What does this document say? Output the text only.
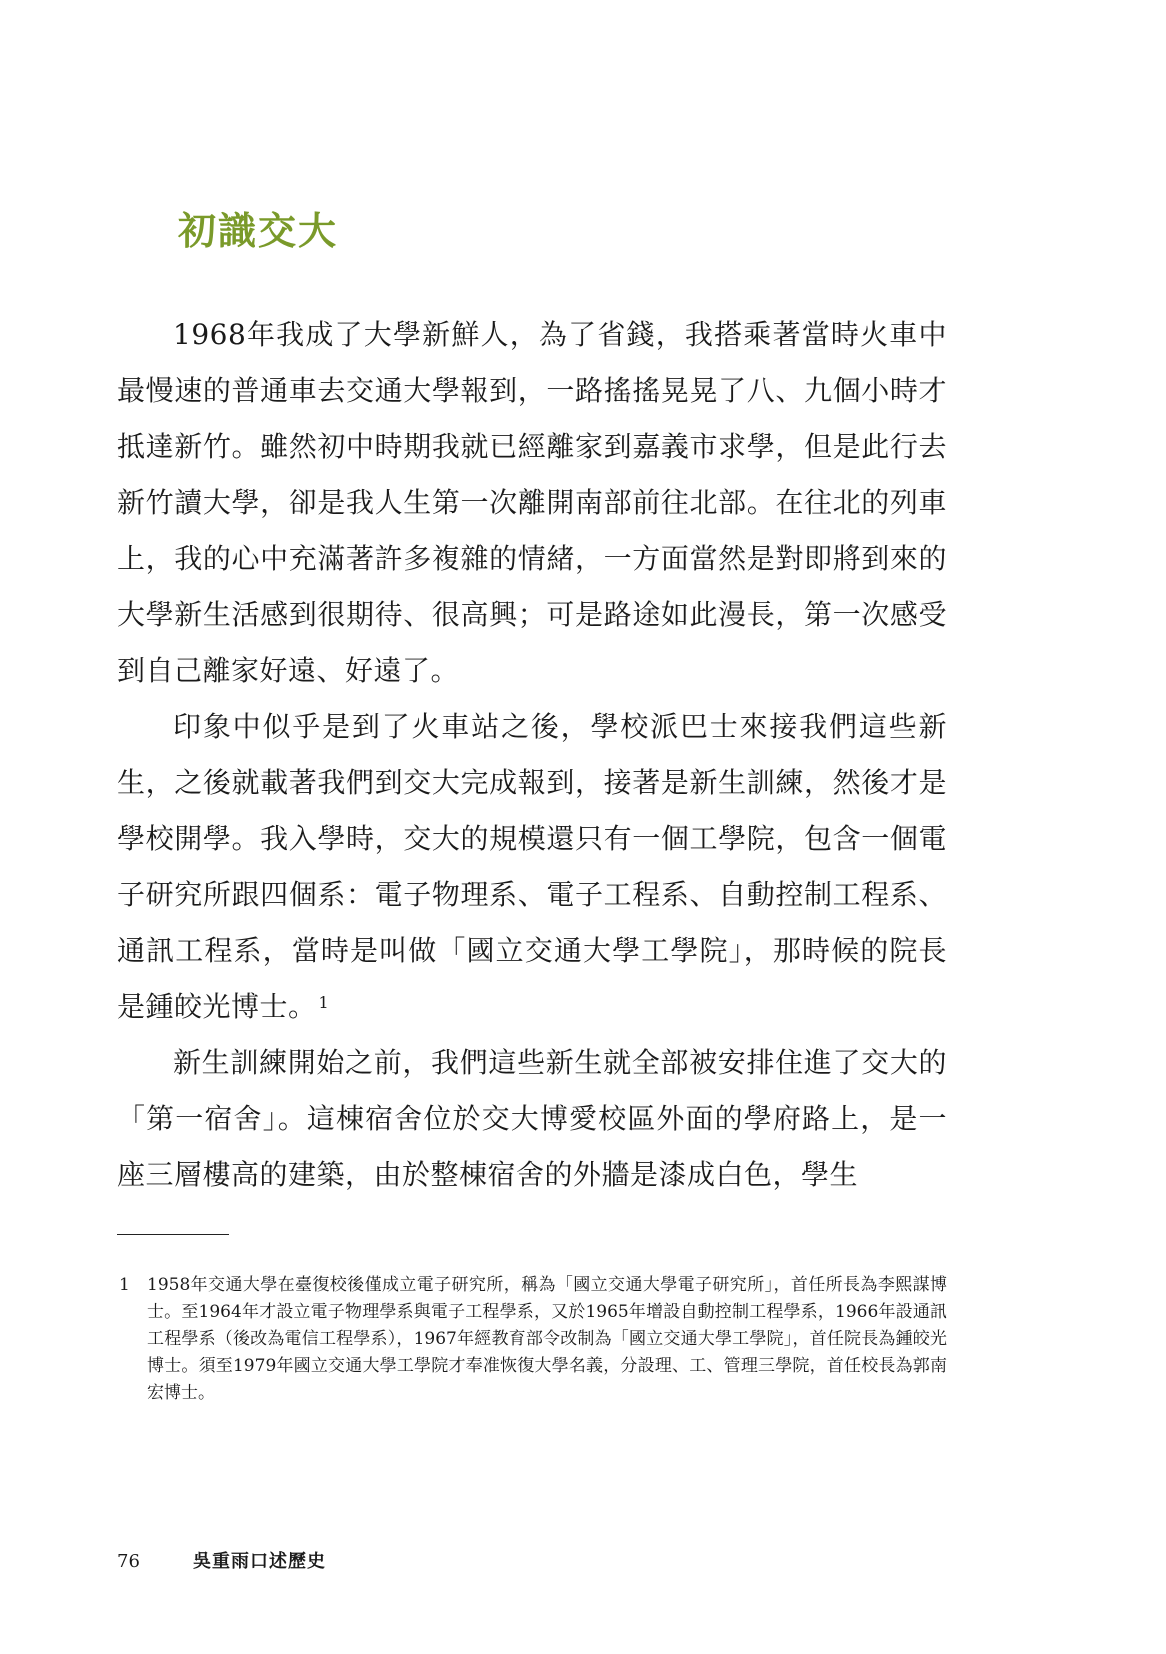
初識交大

1968年我成了大學新鮮人，為了省錢，我搭乘著當時火車中最慢速的普通車去交通大學報到，一路搖搖晃晃了八、九個小時才抵達新竹。雖然初中時期我就已經離家到嘉義市求學，但是此行去新竹讀大學，卻是我人生第一次離開南部前往北部。在往北的列車上，我的心中充滿著許多複雜的情緒，一方面當然是對即將到來的大學新生活感到很期待、很高興；可是路途如此漫長，第一次感受到自己離家好遠、好遠了。

印象中似乎是到了火車站之後，學校派巴士來接我們這些新生，之後就載著我們到交大完成報到，接著是新生訓練，然後才是學校開學。我入學時，交大的規模還只有一個工學院，包含一個電子研究所跟四個系：電子物理系、電子工程系、自動控制工程系、通訊工程系，當時是叫做「國立交通大學工學院」，那時候的院長是鍾皎光博士。 $^1$

新生訓練開始之前，我們這些新生就全部被安排住進了交大的「第一宿舍」。這棟宿舍位於交大博愛校區外面的學府路上，是一座三層樓高的建築，由於整棟宿舍的外牆是漆成白色，學生

1 1958年交通大學在臺復校後僅成立電子研究所，稱為「國立交通大學電子研究所」，首任所長為李熙謀博士。至1964年才設立電子物理學系與電子工程學系，又於1965年增設自動控制工程學系，1966年設通訊工程學系（後改為電信工程學系），1967年經教育部令改制為「國立交通大學工學院」，首任院長為鍾皎光博士。須至1979年國立交通大學工學院才奉准恢復大學名義，分設理、工、管理三學院，首任校長為郭南宏博士。

76	吳重雨口述歷史
